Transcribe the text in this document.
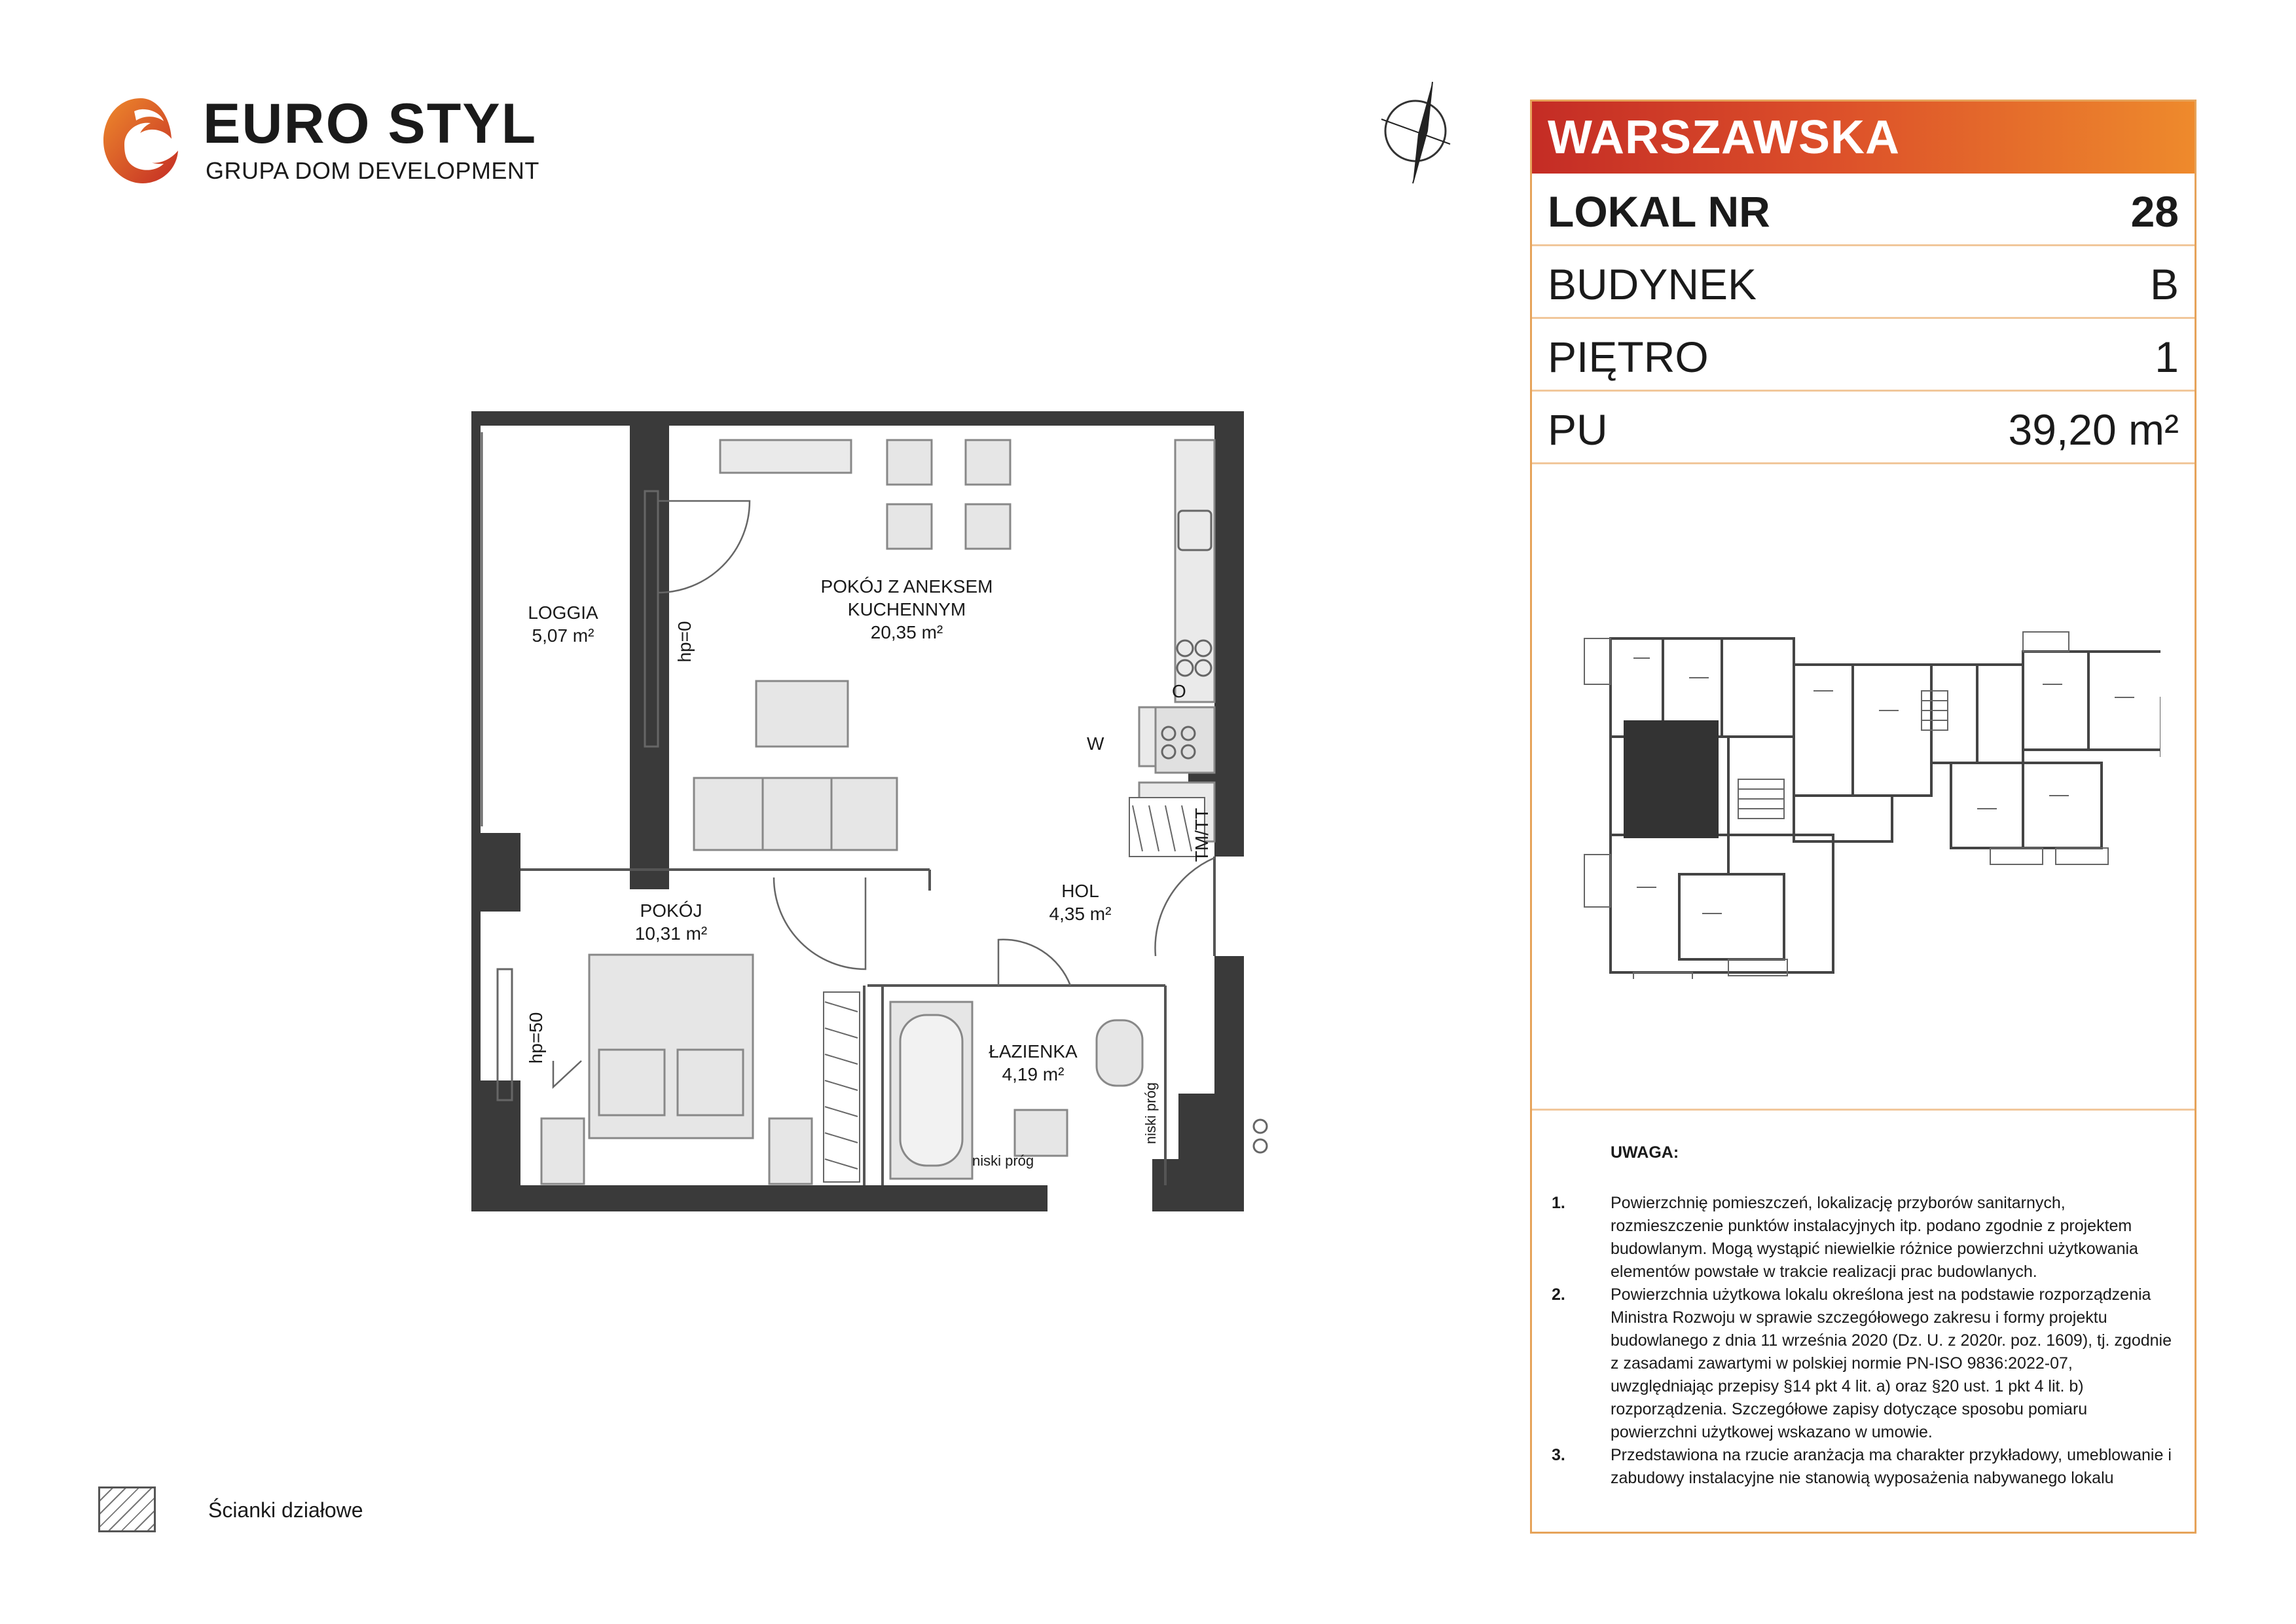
EURO STYL
GRUPA DOM DEVELOPMENT
LOGGIA
5,07 m²
POKÓJ Z ANEKSEM
KUCHENNYM
20,35 m²
POKÓJ
10,31 m²
HOL
4,35 m²
ŁAZIENKA
4,19 m²
hp=0
hp=50
W
O
TM/TT
niski próg
niski próg
WARSZAWSKA
LOKAL NR	28
BUDYNEK	B
PIĘTRO	1
PU	39,20 m²
UWAGA:
1.	Powierzchnię pomieszczeń, lokalizację przyborów sanitarnych, rozmieszczenie punktów instalacyjnych itp. podano zgodnie z projektem budowlanym. Mogą wystąpić niewielkie różnice powierzchni użytkowania elementów powstałe w trakcie realizacji prac budowlanych.
2.	Powierzchnia użytkowa lokalu określona jest na podstawie rozporządzenia Ministra Rozwoju w sprawie szczegółowego zakresu i formy projektu budowlanego z dnia 11 września 2020 (Dz. U. z 2020r. poz. 1609), tj. zgodnie z zasadami zawartymi w polskiej normie PN-ISO 9836:2022-07, uwzględniając przepisy §14 pkt 4 lit. a) oraz §20 ust. 1 pkt 4 lit. b) rozporządzenia. Szczegółowe zapisy dotyczące sposobu pomiaru powierzchni użytkowej wskazano w umowie.
3.	Przedstawiona na rzucie aranżacja ma charakter przykładowy, umeblowanie i zabudowy instalacyjne nie stanowią wyposażenia nabywanego lokalu
Ścianki działowe
